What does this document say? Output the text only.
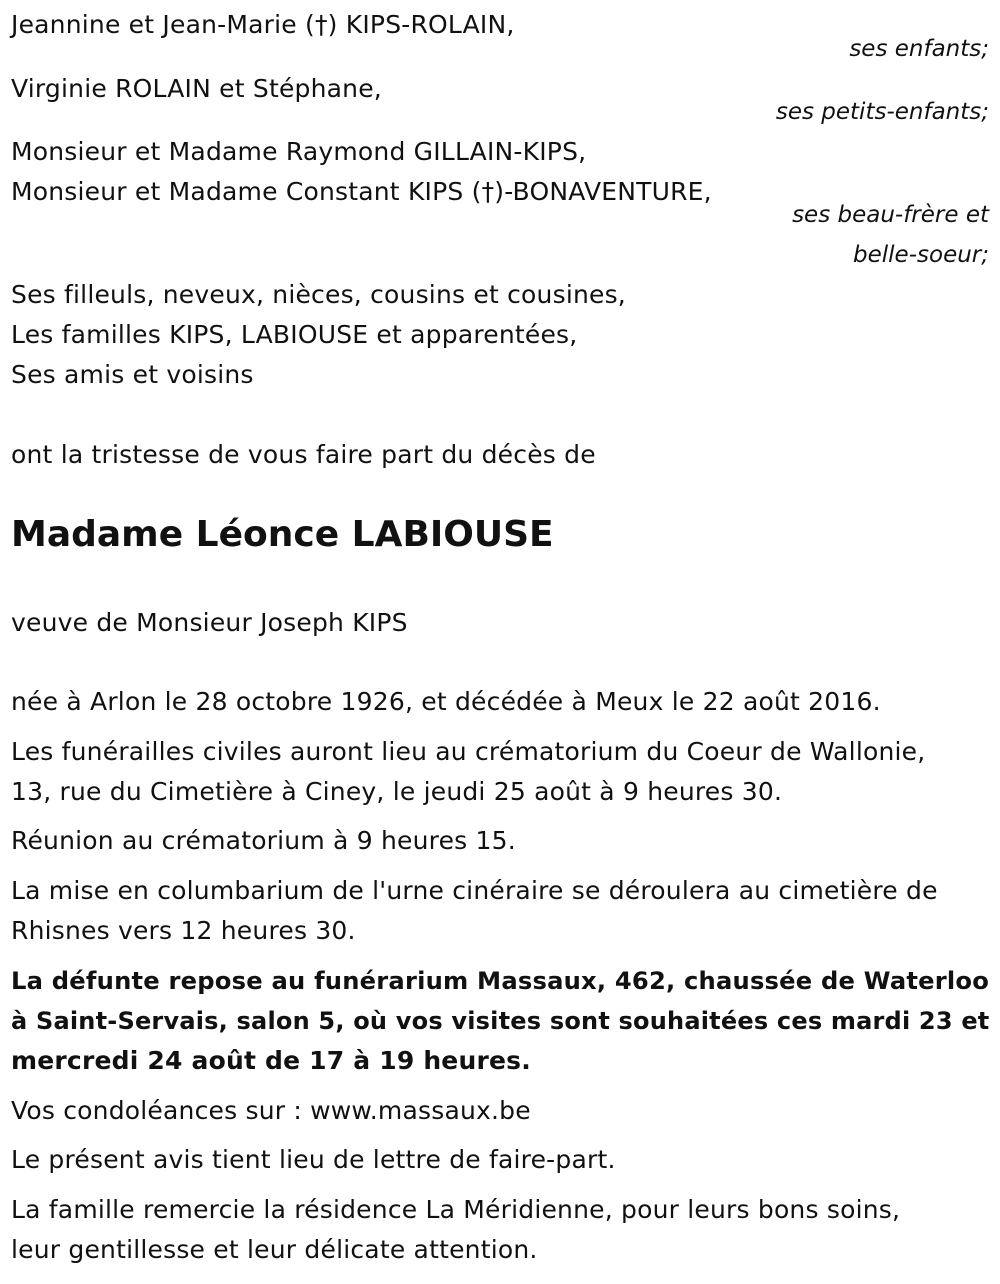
Jeannine et Jean-Marie (†) KIPS-ROLAIN,
ses enfants;
Virginie ROLAIN et Stéphane,
ses petits-enfants;
Monsieur et Madame Raymond GILLAIN-KIPS,
Monsieur et Madame Constant KIPS (†)-BONAVENTURE,
ses beau-frère et
belle-soeur;
Ses filleuls, neveux, nièces, cousins et cousines,
Les familles KIPS, LABIOUSE et apparentées,
Ses amis et voisins
ont la tristesse de vous faire part du décès de
Madame Léonce LABIOUSE
veuve de Monsieur Joseph KIPS
née à Arlon le 28 octobre 1926, et décédée à Meux le 22 août 2016.
Les funérailles civiles auront lieu au crématorium du Coeur de Wallonie,
13, rue du Cimetière à Ciney, le jeudi 25 août à 9 heures 30.
Réunion au crématorium à 9 heures 15.
La mise en columbarium de l'urne cinéraire se déroulera au cimetière de
Rhisnes vers 12 heures 30.
La défunte repose au funérarium Massaux, 462, chaussée de Waterloo
à Saint-Servais, salon 5, où vos visites sont souhaitées ces mardi 23 et
mercredi 24 août de 17 à 19 heures.
Vos condoléances sur : www.massaux.be
Le présent avis tient lieu de lettre de faire-part.
La famille remercie la résidence La Méridienne, pour leurs bons soins,
leur gentillesse et leur délicate attention.
